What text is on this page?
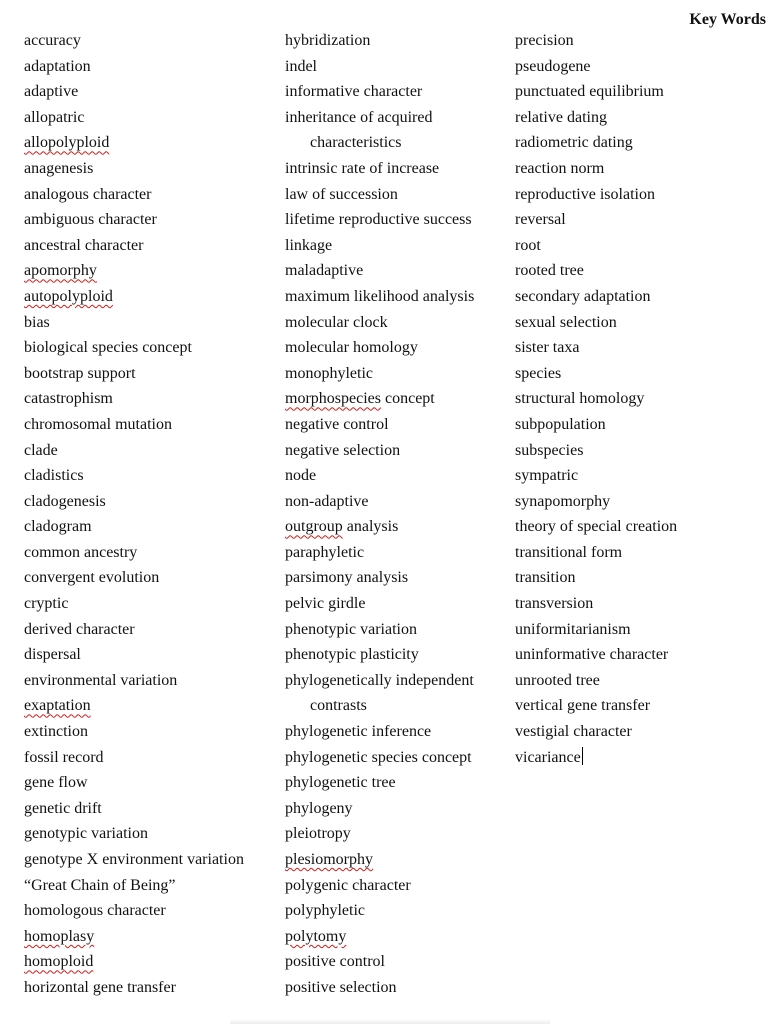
Key Words
accuracy
adaptation
adaptive
allopatric
allopolyploid
anagenesis
analogous character
ambiguous character
ancestral character
apomorphy
autopolyploid
bias
biological species concept
bootstrap support
catastrophism
chromosomal mutation
clade
cladistics
cladogenesis
cladogram
common ancestry
convergent evolution
cryptic
derived character
dispersal
environmental variation
exaptation
extinction
fossil record
gene flow
genetic drift
genotypic variation
genotype X environment variation
“Great Chain of Being”
homologous character
homoplasy
homoploid
horizontal gene transfer
hybridization
indel
informative character
inheritance of acquired
characteristics
intrinsic rate of increase
law of succession
lifetime reproductive success
linkage
maladaptive
maximum likelihood analysis
molecular clock
molecular homology
monophyletic
morphospecies concept
negative control
negative selection
node
non-adaptive
outgroup analysis
paraphyletic
parsimony analysis
pelvic girdle
phenotypic variation
phenotypic plasticity
phylogenetically independent
contrasts
phylogenetic inference
phylogenetic species concept
phylogenetic tree
phylogeny
pleiotropy
plesiomorphy
polygenic character
polyphyletic
polytomy
positive control
positive selection
precision
pseudogene
punctuated equilibrium
relative dating
radiometric dating
reaction norm
reproductive isolation
reversal
root
rooted tree
secondary adaptation
sexual selection
sister taxa
species
structural homology
subpopulation
subspecies
sympatric
synapomorphy
theory of special creation
transitional form
transition
transversion
uniformitarianism
uninformative character
unrooted tree
vertical gene transfer
vestigial character
vicariance
